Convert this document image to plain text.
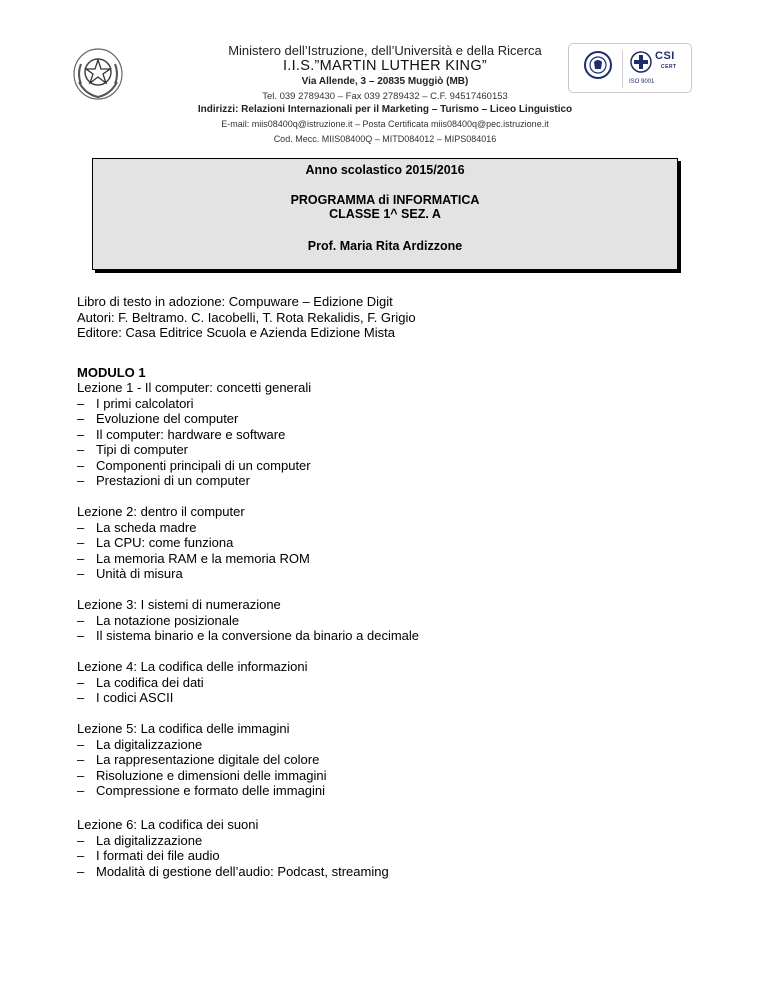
Ministero dell’Istruzione, dell’Università e della Ricerca
I.I.S.”MARTIN LUTHER KING”
Via Allende, 3 – 20835 Muggiò (MB)
Tel. 039 2789430 – Fax 039 2789432 – C.F. 94517460153
Indirizzi: Relazioni Internazionali per il Marketing – Turismo – Liceo Linguistico
E-mail: miis08400q@istruzione.it – Posta Certificata miis08400q@pec.istruzione.it
Cod. Mecc. MIIS08400Q – MITD084012 – MIPS084016
CSI
CERT
ISO 9001
Anno scolastico 2015/2016
PROGRAMMA di INFORMATICA
CLASSE 1^ SEZ. A
Prof. Maria Rita Ardizzone
Libro di testo in adozione: Compuware – Edizione Digit
Autori: F. Beltramo. C. Iacobelli, T. Rota Rekalidis, F. Grigio
Editore: Casa Editrice Scuola e Azienda Edizione Mista
MODULO 1
Lezione 1 - Il computer: concetti generali
– I primi calcolatori
– Evoluzione del computer
– Il computer: hardware e software
– Tipi di computer
– Componenti principali di un computer
– Prestazioni di un computer
Lezione 2: dentro il computer
– La scheda madre
– La CPU: come funziona
– La memoria RAM e la memoria ROM
– Unità di misura
Lezione 3: I sistemi di numerazione
– La notazione posizionale
– Il sistema binario e la conversione da binario a decimale
Lezione 4: La codifica delle informazioni
– La codifica dei dati
– I codici ASCII
Lezione 5: La codifica delle immagini
– La digitalizzazione
– La rappresentazione digitale del colore
– Risoluzione e dimensioni delle immagini
– Compressione e formato delle immagini
Lezione 6: La codifica dei suoni
– La digitalizzazione
– I formati dei file audio
– Modalità di gestione dell’audio: Podcast, streaming
